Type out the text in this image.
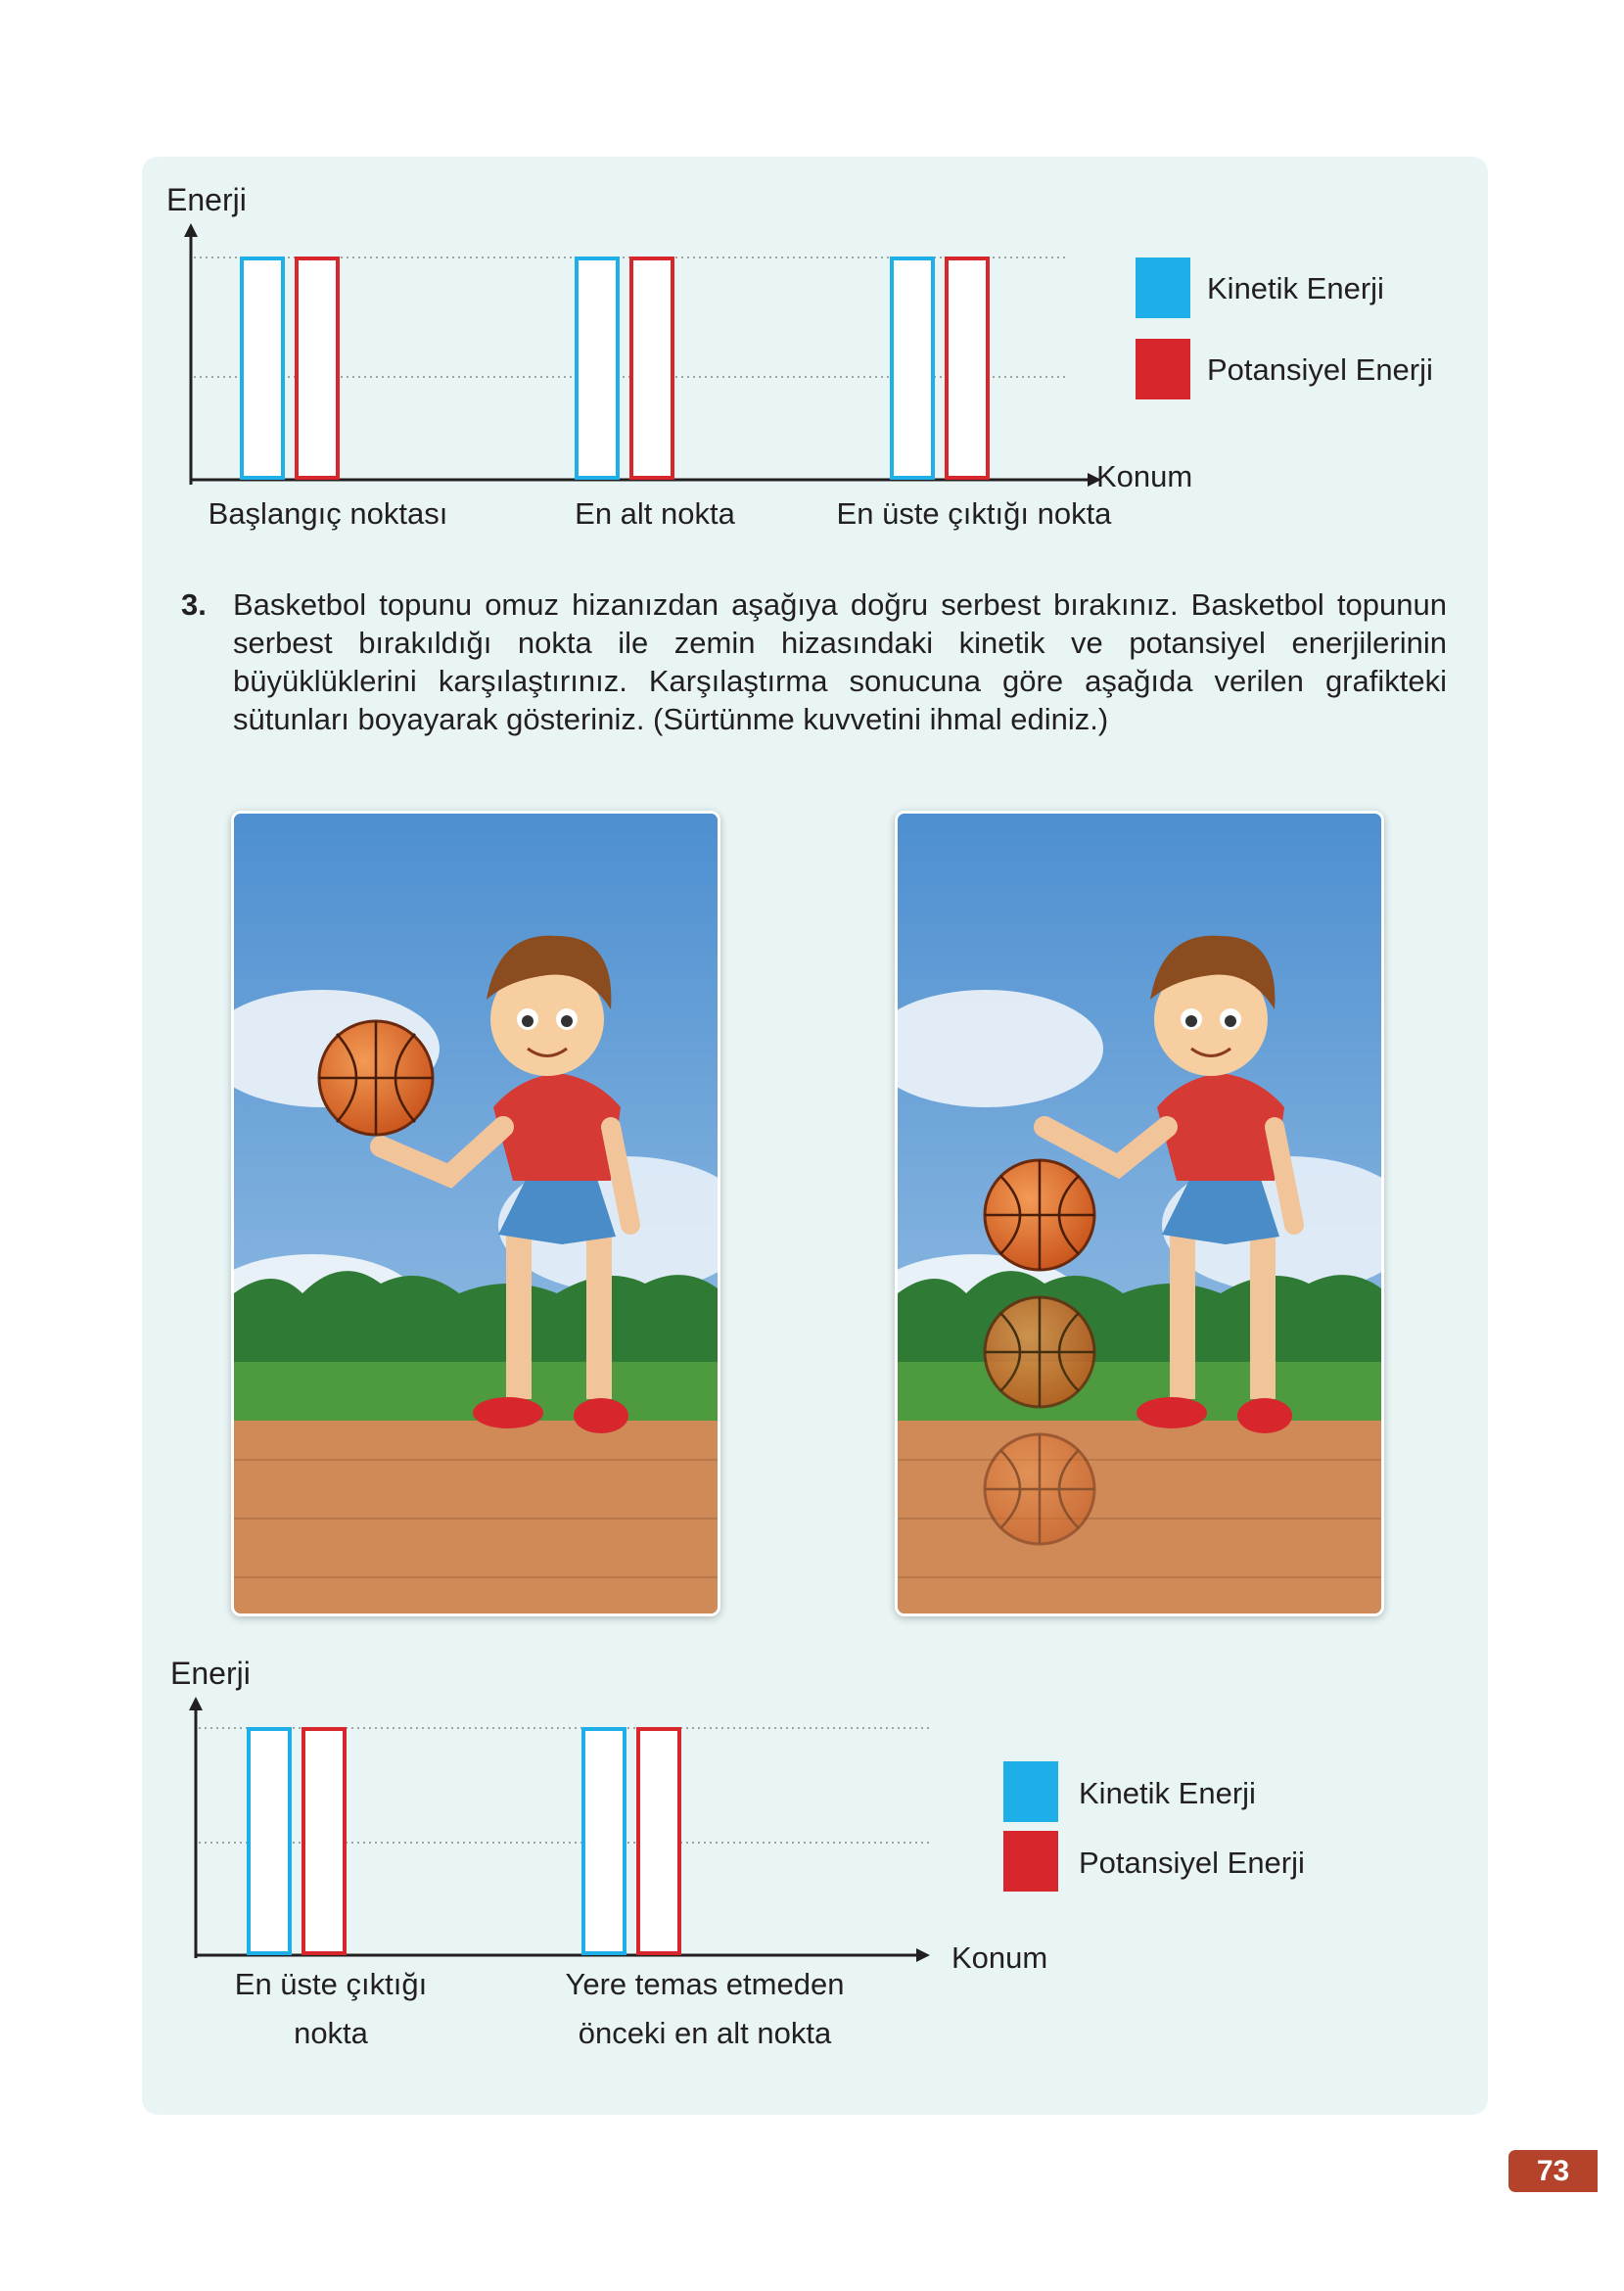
Enerji
Başlangıç noktası	En alt nokta	En üste çıktığı nokta
Konum
Kinetik Enerji
Potansiyel Enerji
3. Basketbol topunu omuz hizanızdan aşağıya doğru serbest bırakınız. Basketbol topunun serbest bırakıldığı nokta ile zemin hizasındaki kinetik ve potansiyel enerjilerinin büyüklüklerini karşılaştırınız. Karşılaştırma sonucuna göre aşağıda verilen grafikteki sütunları boyayarak gösteriniz. (Sürtünme kuvvetini ihmal ediniz.)
Enerji
En üste çıktığı
nokta
Yere temas etmeden
önceki en alt nokta
Konum
Kinetik Enerji
Potansiyel Enerji
73
